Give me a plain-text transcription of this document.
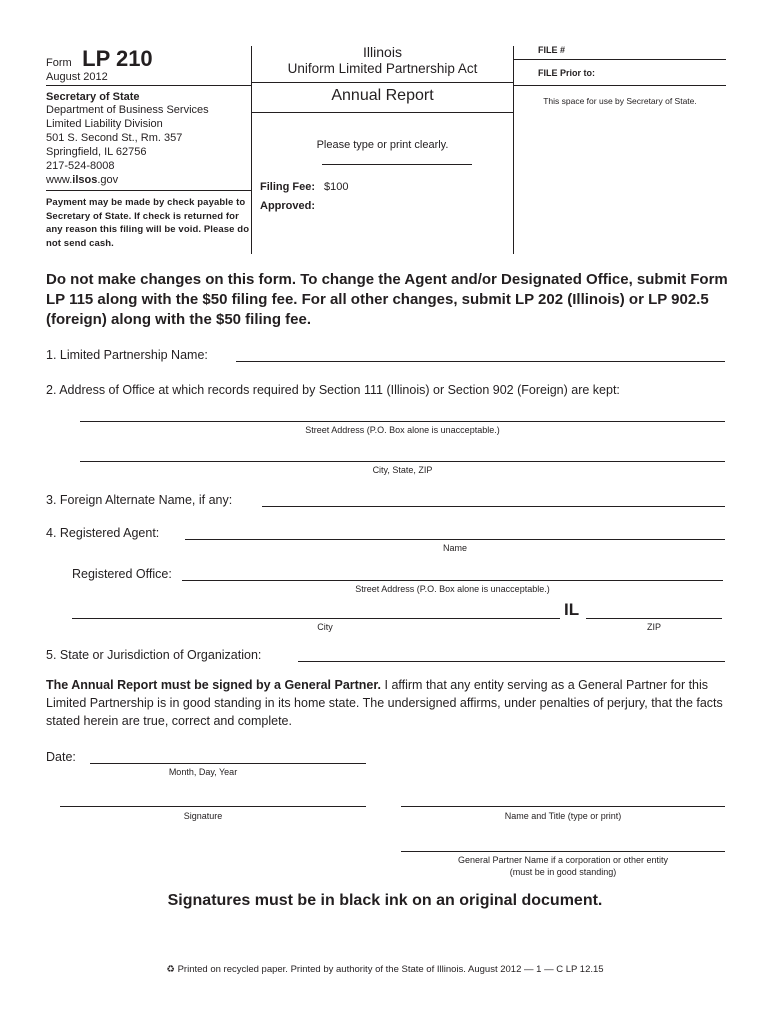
Form LP 210
August 2012
Secretary of State
Department of Business Services
Limited Liability Division
501 S. Second St., Rm. 357
Springfield, IL 62756
217-524-8008
www.ilsos.gov
Payment may be made by check payable to Secretary of State. If check is returned for any reason this filing will be void. Please do not send cash.
Illinois
Uniform Limited Partnership Act
Annual Report
Please type or print clearly.
Filing Fee: $100
Approved:
FILE #
FILE Prior to:
This space for use by Secretary of State.
Do not make changes on this form. To change the Agent and/or Designated Office, submit Form LP 115 along with the $50 filing fee. For all other changes, submit LP 202 (Illinois) or LP 902.5 (foreign) along with the $50 filing fee.
1. Limited Partnership Name:
2. Address of Office at which records required by Section 111 (Illinois) or Section 902 (Foreign) are kept:
Street Address (P.O. Box alone is unacceptable.)
City, State, ZIP
3. Foreign Alternate Name, if any:
4. Registered Agent:
Name
Registered Office:
Street Address (P.O. Box alone is unacceptable.)
IL
City	ZIP
5. State or Jurisdiction of Organization:
The Annual Report must be signed by a General Partner. I affirm that any entity serving as a General Partner for this Limited Partnership is in good standing in its home state. The undersigned affirms, under penalties of perjury, that the facts stated herein are true, correct and complete.
Date:
Month, Day, Year
Signature	Name and Title (type or print)
General Partner Name if a corporation or other entity
(must be in good standing)
Signatures must be in black ink on an original document.
♻ Printed on recycled paper. Printed by authority of the State of Illinois. August 2012 — 1 — C LP 12.15
